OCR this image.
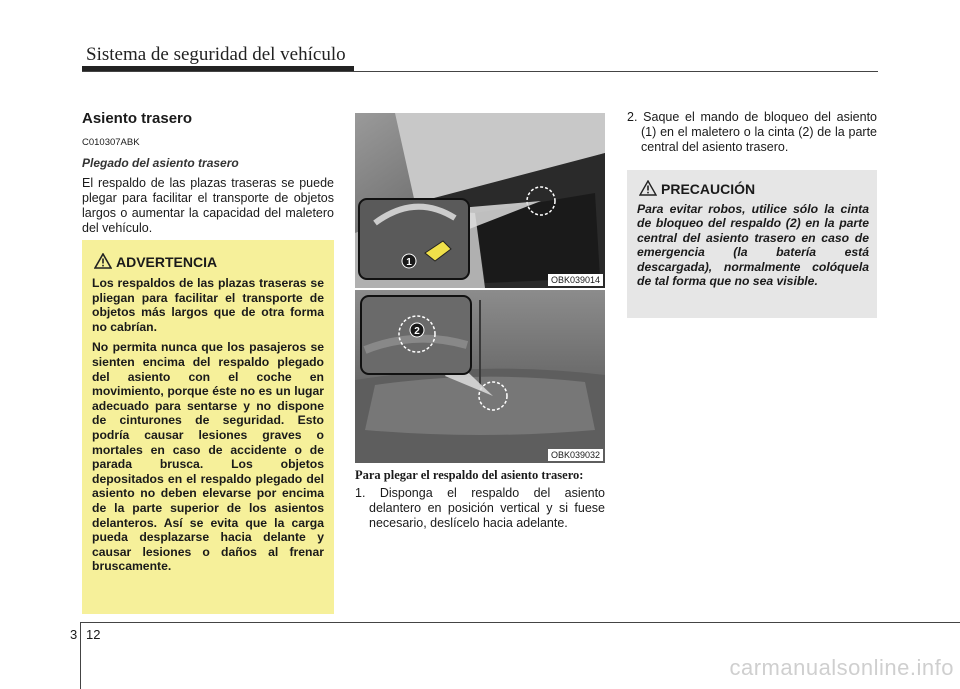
Sistema de seguridad del vehículo

Asiento trasero

C010307ABK

Plegado del asiento trasero

El respaldo de las plazas traseras se puede plegar para facilitar el transporte de objetos largos o aumentar la capacidad del maletero del vehículo.

ADVERTENCIA

Los respaldos de las plazas traseras se pliegan para facilitar el transporte de objetos más largos que de otra forma no cabrían.

No permita nunca que los pasajeros se sienten encima del respaldo plegado del asiento con el coche en movimiento, porque éste no es un lugar adecuado para sentarse y no dispone de cinturones de seguridad. Esto podría causar lesiones graves o mortales en caso de accidente o de parada brusca. Los objetos depositados en el respaldo plegado del asiento no deben elevarse por encima de la parte superior de los asientos delanteros. Así se evita que la carga pueda desplazarse hacia delante y causar lesiones o daños al frenar bruscamente.

1
OBK039014
2
OBK039032

Para plegar el respaldo del asiento trasero:

1. Disponga el respaldo del asiento delantero en posición vertical y si fuese necesario, deslícelo hacia adelante.

2. Saque el mando de bloqueo del asiento (1) en el maletero o la cinta (2) de la parte central del asiento trasero.

PRECAUCIÓN
Para evitar robos, utilice sólo la cinta de bloqueo del respaldo (2) en la parte central del asiento trasero en caso de emergencia (la batería está descargada), normalmente colóquela de tal forma que no sea visible.
3 12
carmanualsonline.info
